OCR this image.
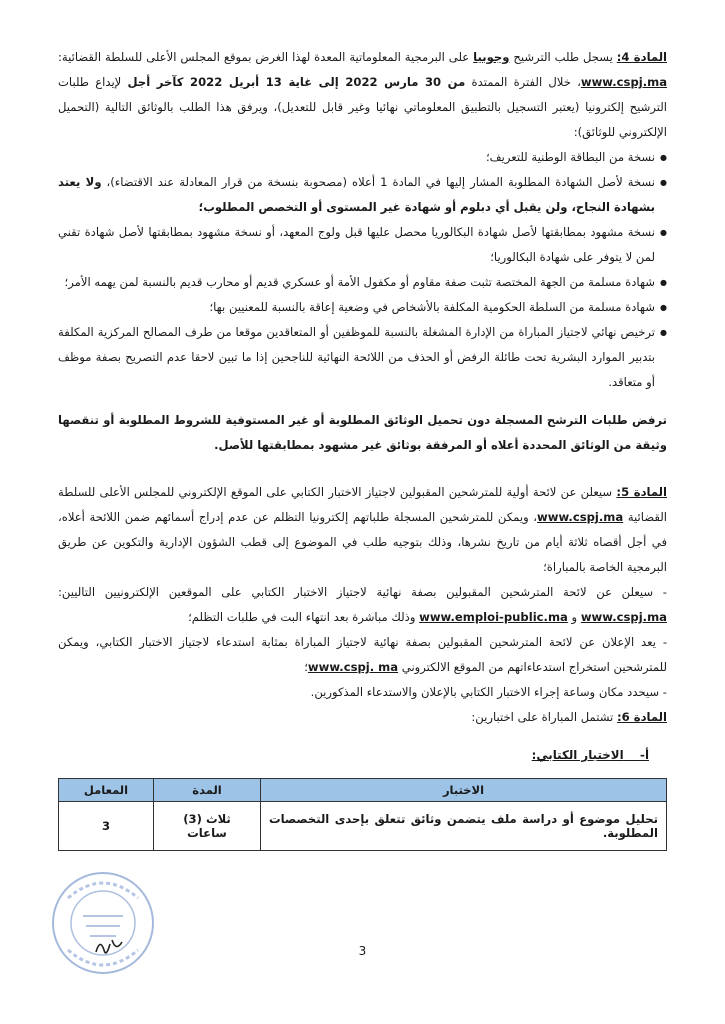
المادة 4: يسجل طلب الترشيح وجوبيا على البرمجية المعلوماتية المعدة لهذا الغرض بموقع المجلس الأعلى للسلطة القضائية: www.cspj.ma، خلال الفترة الممتدة من 30 مارس 2022 إلى غاية 13 أبريل 2022 كآخر أجل لإيداع طلبات الترشيح إلكترونيا (يعتبر التسجيل بالتطبيق المعلوماتي نهائيا وغير قابل للتعديل)، ويرفق هذا الطلب بالوثائق التالية (التحميل الإلكتروني للوثائق):

● نسخة من البطاقة الوطنية للتعريف؛

● نسخة لأصل الشهادة المطلوبة المشار إليها في المادة 1 أعلاه (مصحوبة بنسخة من قرار المعادلة عند الاقتضاء)، ولا يعتد بشهادة النجاح، ولن يقبل أي دبلوم أو شهادة غير المستوى أو التخصص المطلوب؛

● نسخة مشهود بمطابقتها لأصل شهادة البكالوريا محصل عليها قبل ولوج المعهد، أو نسخة مشهود بمطابقتها لأصل شهادة تقني لمن لا يتوفر على شهادة البكالوريا؛

● شهادة مسلمة من الجهة المختصة تثبت صفة مقاوم أو مكفول الأمة أو عسكري قديم أو محارب قديم بالنسبة لمن يهمه الأمر؛

● شهادة مسلمة من السلطة الحكومية المكلفة بالأشخاص في وضعية إعاقة بالنسبة للمعنيين بها؛

● ترخيص نهائي لاجتياز المباراة من الإدارة المشغلة بالنسبة للموظفين أو المتعاقدين موقعا من طرف المصالح المركزية المكلفة بتدبير الموارد البشرية تحت طائلة الرفض أو الحذف من اللائحة النهائية للناجحين إذا ما تبين لاحقا عدم التصريح بصفة موظف أو متعاقد.

ترفض طلبات الترشح المسجلة دون تحميل الوثائق المطلوبة أو غير المستوفية للشروط المطلوبة أو تنقصها وثيقة من الوثائق المحددة أعلاه أو المرفقة بوثائق غير مشهود بمطابقتها للأصل.

المادة 5: سيعلن عن لائحة أولية للمترشحين المقبولين لاجتياز الاختبار الكتابي على الموقع الإلكتروني للمجلس الأعلى للسلطة القضائية www.cspj.ma، ويمكن للمترشحين المسجلة طلباتهم إلكترونيا التظلم عن عدم إدراج أسمائهم ضمن اللائحة أعلاه، في أجل أقصاه ثلاثة أيام من تاريخ نشرها، وذلك بتوجيه طلب في الموضوع إلى قطب الشؤون الإدارية والتكوين عن طريق البرمجية الخاصة بالمباراة؛

- سيعلن عن لائحة المترشحين المقبولين بصفة نهائية لاجتياز الاختبار الكتابي على الموقعين الإلكترونيين التاليين: www.cspj.ma و www.emploi-public.ma وذلك مباشرة بعد انتهاء البت في طلبات التظلم؛

- يعد الإعلان عن لائحة المترشحين المقبولين بصفة نهائية لاجتياز المباراة بمثابة استدعاء لاجتياز الاختبار الكتابي، ويمكن للمترشحين استخراج استدعاءاتهم من الموقع الالكتروني www.cspj. ma؛

- سيحدد مكان وساعة إجراء الاختبار الكتابي بالإعلان والاستدعاء المذكورين.

المادة 6: تشتمل المباراة على اختبارين:

أ-    الاختبار الكتابي:

الاختبار	المدة	المعامل
تحليل موضوع أو دراسة ملف يتضمن وثائق تتعلق بإحدى التخصصات المطلوبة.	ثلاث (3) ساعات	3
3
